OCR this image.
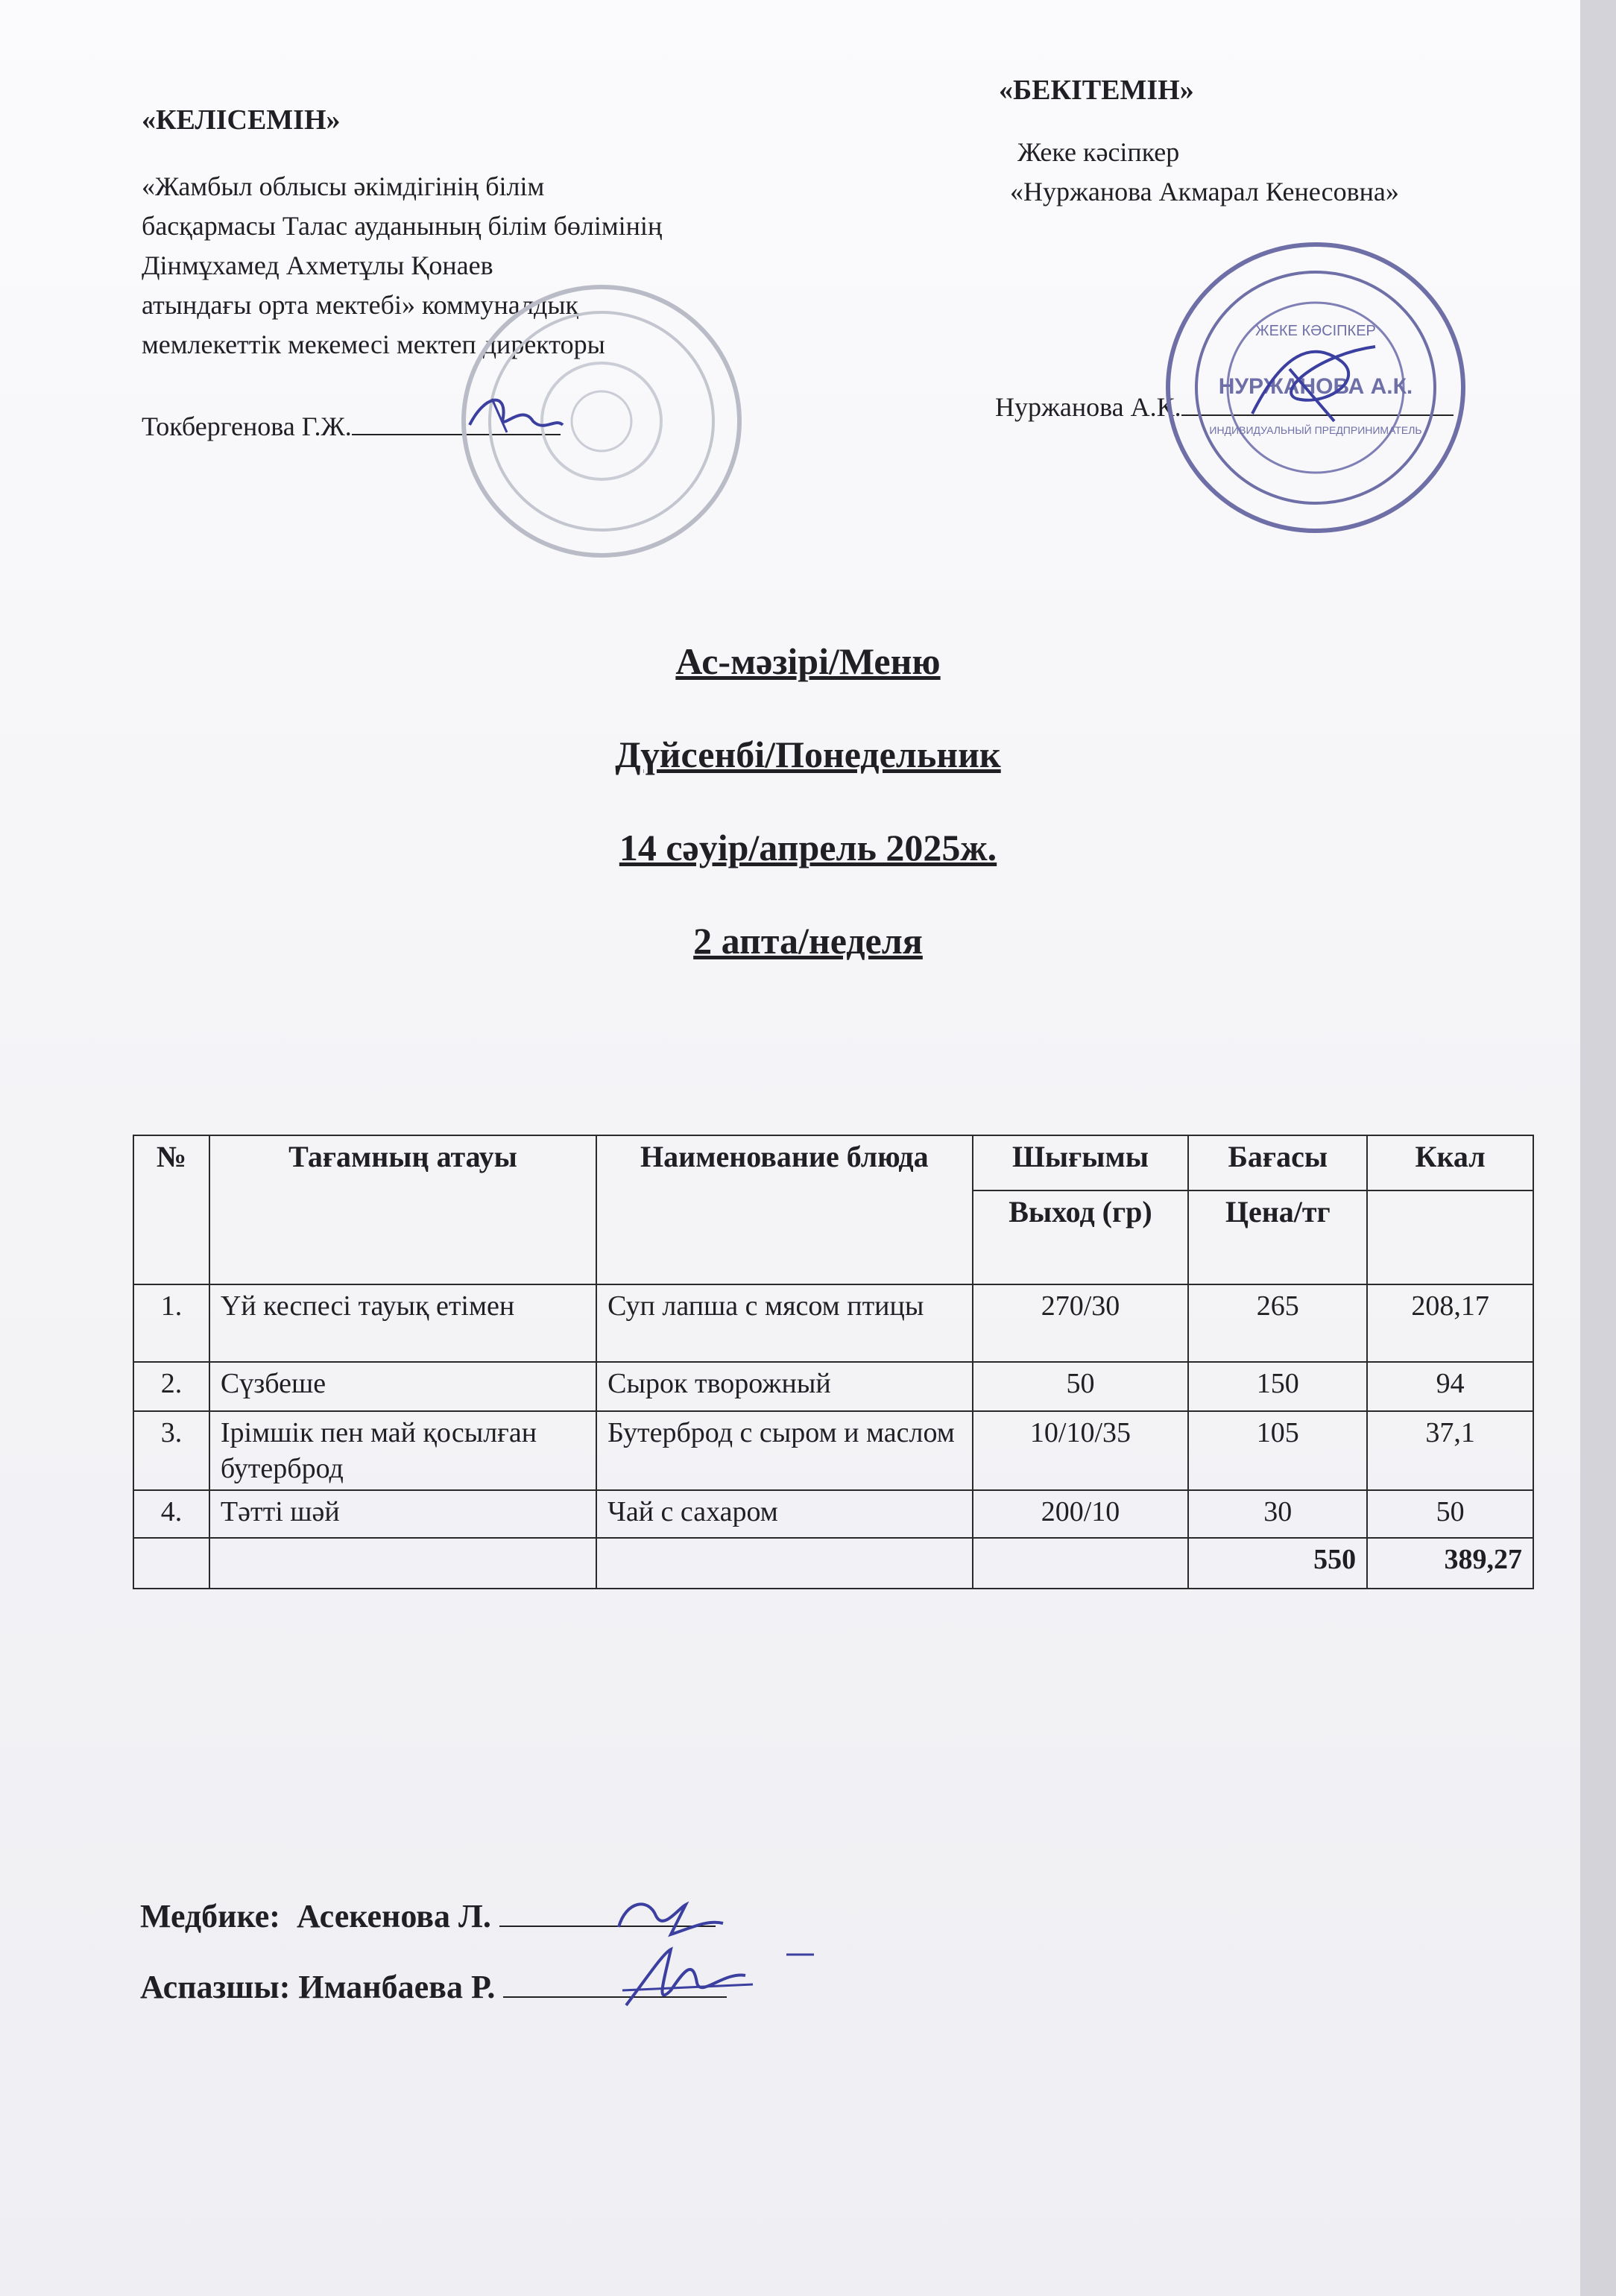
«КЕЛІСЕМІН»
«Жамбыл облысы әкімдігінің білім
басқармасы Талас ауданының білім бөлімінің
Дінмұхамед Ахметұлы Қонаев
атындағы орта мектебі» коммуналдық
мемлекеттік мекемесі мектеп директоры
Токбергенова Г.Ж.
«БЕКІТЕМІН»
Жеке кәсіпкер
«Нуржанова Акмарал Кенесовна»
Нуржанова А.К.
ЖЕКЕ КӘСІПКЕР
НУРЖАНОВА А.К.
ИНДИВИДУАЛЬНЫЙ ПРЕДПРИНИМАТЕЛЬ
Ас-мәзірі/Меню
Дүйсенбі/Понедельник
14 сәуір/апрель 2025ж.
2 апта/неделя
№	Тағамның атауы	Наименование блюда	Шығымы	Бағасы	Ккал
			Выход (гр)	Цена/тг	
1.	Үй кеспесі тауық етімен	Суп лапша с мясом птицы	270/30	265	208,17
2.	Сүзбеше	Сырок творожный	50	150	94
3.	Ірімшік пен май қосылған бутерброд	Бутерброд с сыром и маслом	10/10/35	105	37,1
4.	Тәтті шәй	Чай с сахаром	200/10	30	50
				550	389,27
Медбике: Асекенова Л.
Аспазшы: Иманбаева Р.
